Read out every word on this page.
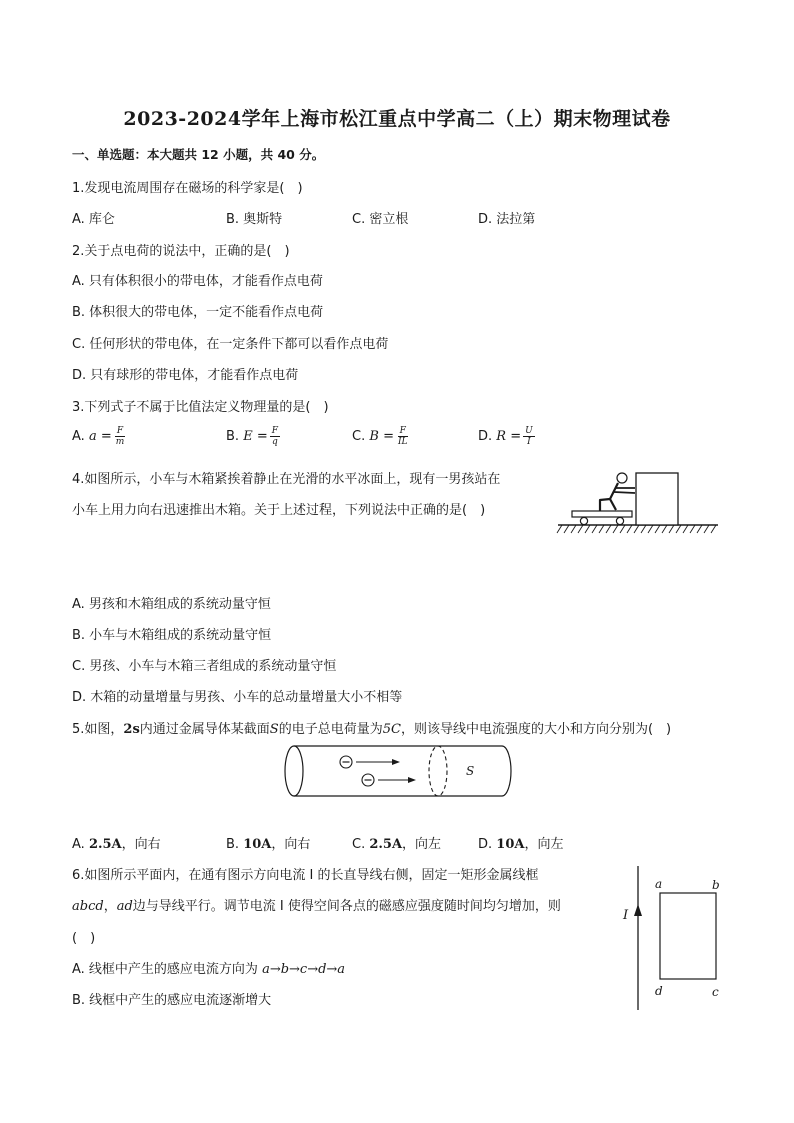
2023-2024学年上海市松江重点中学高二（上）期末物理试卷
一、单选题：本大题共 12 小题，共 40 分。
1.发现电流周围存在磁场的科学家是(　)
A. 库仑	B. 奥斯特	C. 密立根	D. 法拉第
2.关于点电荷的说法中，正确的是(　)
A. 只有体积很小的带电体，才能看作点电荷
B. 体积很大的带电体，一定不能看作点电荷
C. 任何形状的带电体，在一定条件下都可以看作点电荷
D. 只有球形的带电体，才能看作点电荷
3.下列式子不属于比值法定义物理量的是(　)
A. $a = \frac{F}{m}$	B. $E = \frac{F}{q}$	C. $B = \frac{F}{IL}$	D. $R = \frac{U}{I}$
4.如图所示，小车与木箱紧挨着静止在光滑的水平冰面上，现有一男孩站在
小车上用力向右迅速推出木箱。关于上述过程，下列说法中正确的是(　)
A. 男孩和木箱组成的系统动量守恒
B. 小车与木箱组成的系统动量守恒
C. 男孩、小车与木箱三者组成的系统动量守恒
D. 木箱的动量增量与男孩、小车的总动量增量大小不相等
5.如图，2s内通过金属导体某截面S的电子总电荷量为5C，则该导线中电流强度的大小和方向分别为(　)
S
A. 2.5A，向右	B. 10A，向右	C. 2.5A，向左	D. 10A，向左
6.如图所示平面内，在通有图示方向电流 I 的长直导线右侧，固定一矩形金属线框
abcd，ad边与导线平行。调节电流 I 使得空间各点的磁感应强度随时间均匀增加，则
(　)
A. 线框中产生的感应电流方向为 a→b→c→d→a
B. 线框中产生的感应电流逐渐增大
I
a	b
c
d
